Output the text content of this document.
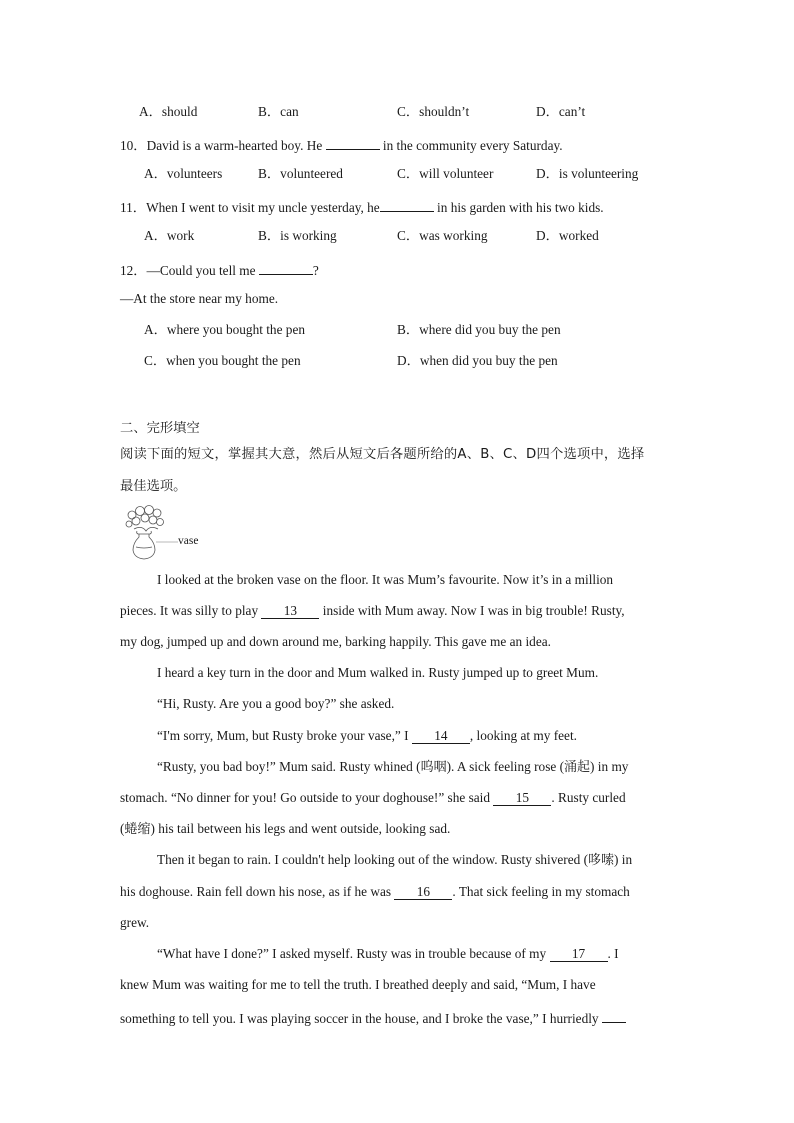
A．should	B．can	C．shouldn’t	D．can’t
10．David is a warm-hearted boy. He	in the community every Saturday.
A．volunteers	B．volunteered	C．will volunteer	D．is volunteering
11．When I went to visit my uncle yesterday, he	in his garden with his two kids.
A．work	B．is working	C．was working	D．worked
12．—Could you tell me	?
—At the store near my home.
A．where you bought the pen	B．where did you buy the pen
C．when you bought the pen	D．when did you buy the pen
二、完形填空
阅读下面的短文，掌握其大意，然后从短文后各题所给的A、B、C、D四个选项中，选择
最佳选项。
vase
I looked at the broken vase on the floor. It was Mum’s favourite. Now it’s in a million
pieces. It was silly to play 13 inside with Mum away. Now I was in big trouble! Rusty,
my dog, jumped up and down around me, barking happily. This gave me an idea.
I heard a key turn in the door and Mum walked in. Rusty jumped up to greet Mum.
“Hi, Rusty. Are you a good boy?” she asked.
“I'm sorry, Mum, but Rusty broke your vase,” I 14 , looking at my feet.
“Rusty, you bad boy!” Mum said. Rusty whined (呜咽). A sick feeling rose (涌起) in my
stomach. “No dinner for you! Go outside to your doghouse!” she said 15 . Rusty curled
(蜷缩) his tail between his legs and went outside, looking sad.
Then it began to rain. I couldn't help looking out of the window. Rusty shivered (哆嗦) in
his doghouse. Rain fell down his nose, as if he was 16 . That sick feeling in my stomach
grew.
“What have I done?” I asked myself. Rusty was in trouble because of my 17 . I
knew Mum was waiting for me to tell the truth. I breathed deeply and said, “Mum, I have
something to tell you. I was playing soccer in the house, and I broke the vase,” I hurriedly
